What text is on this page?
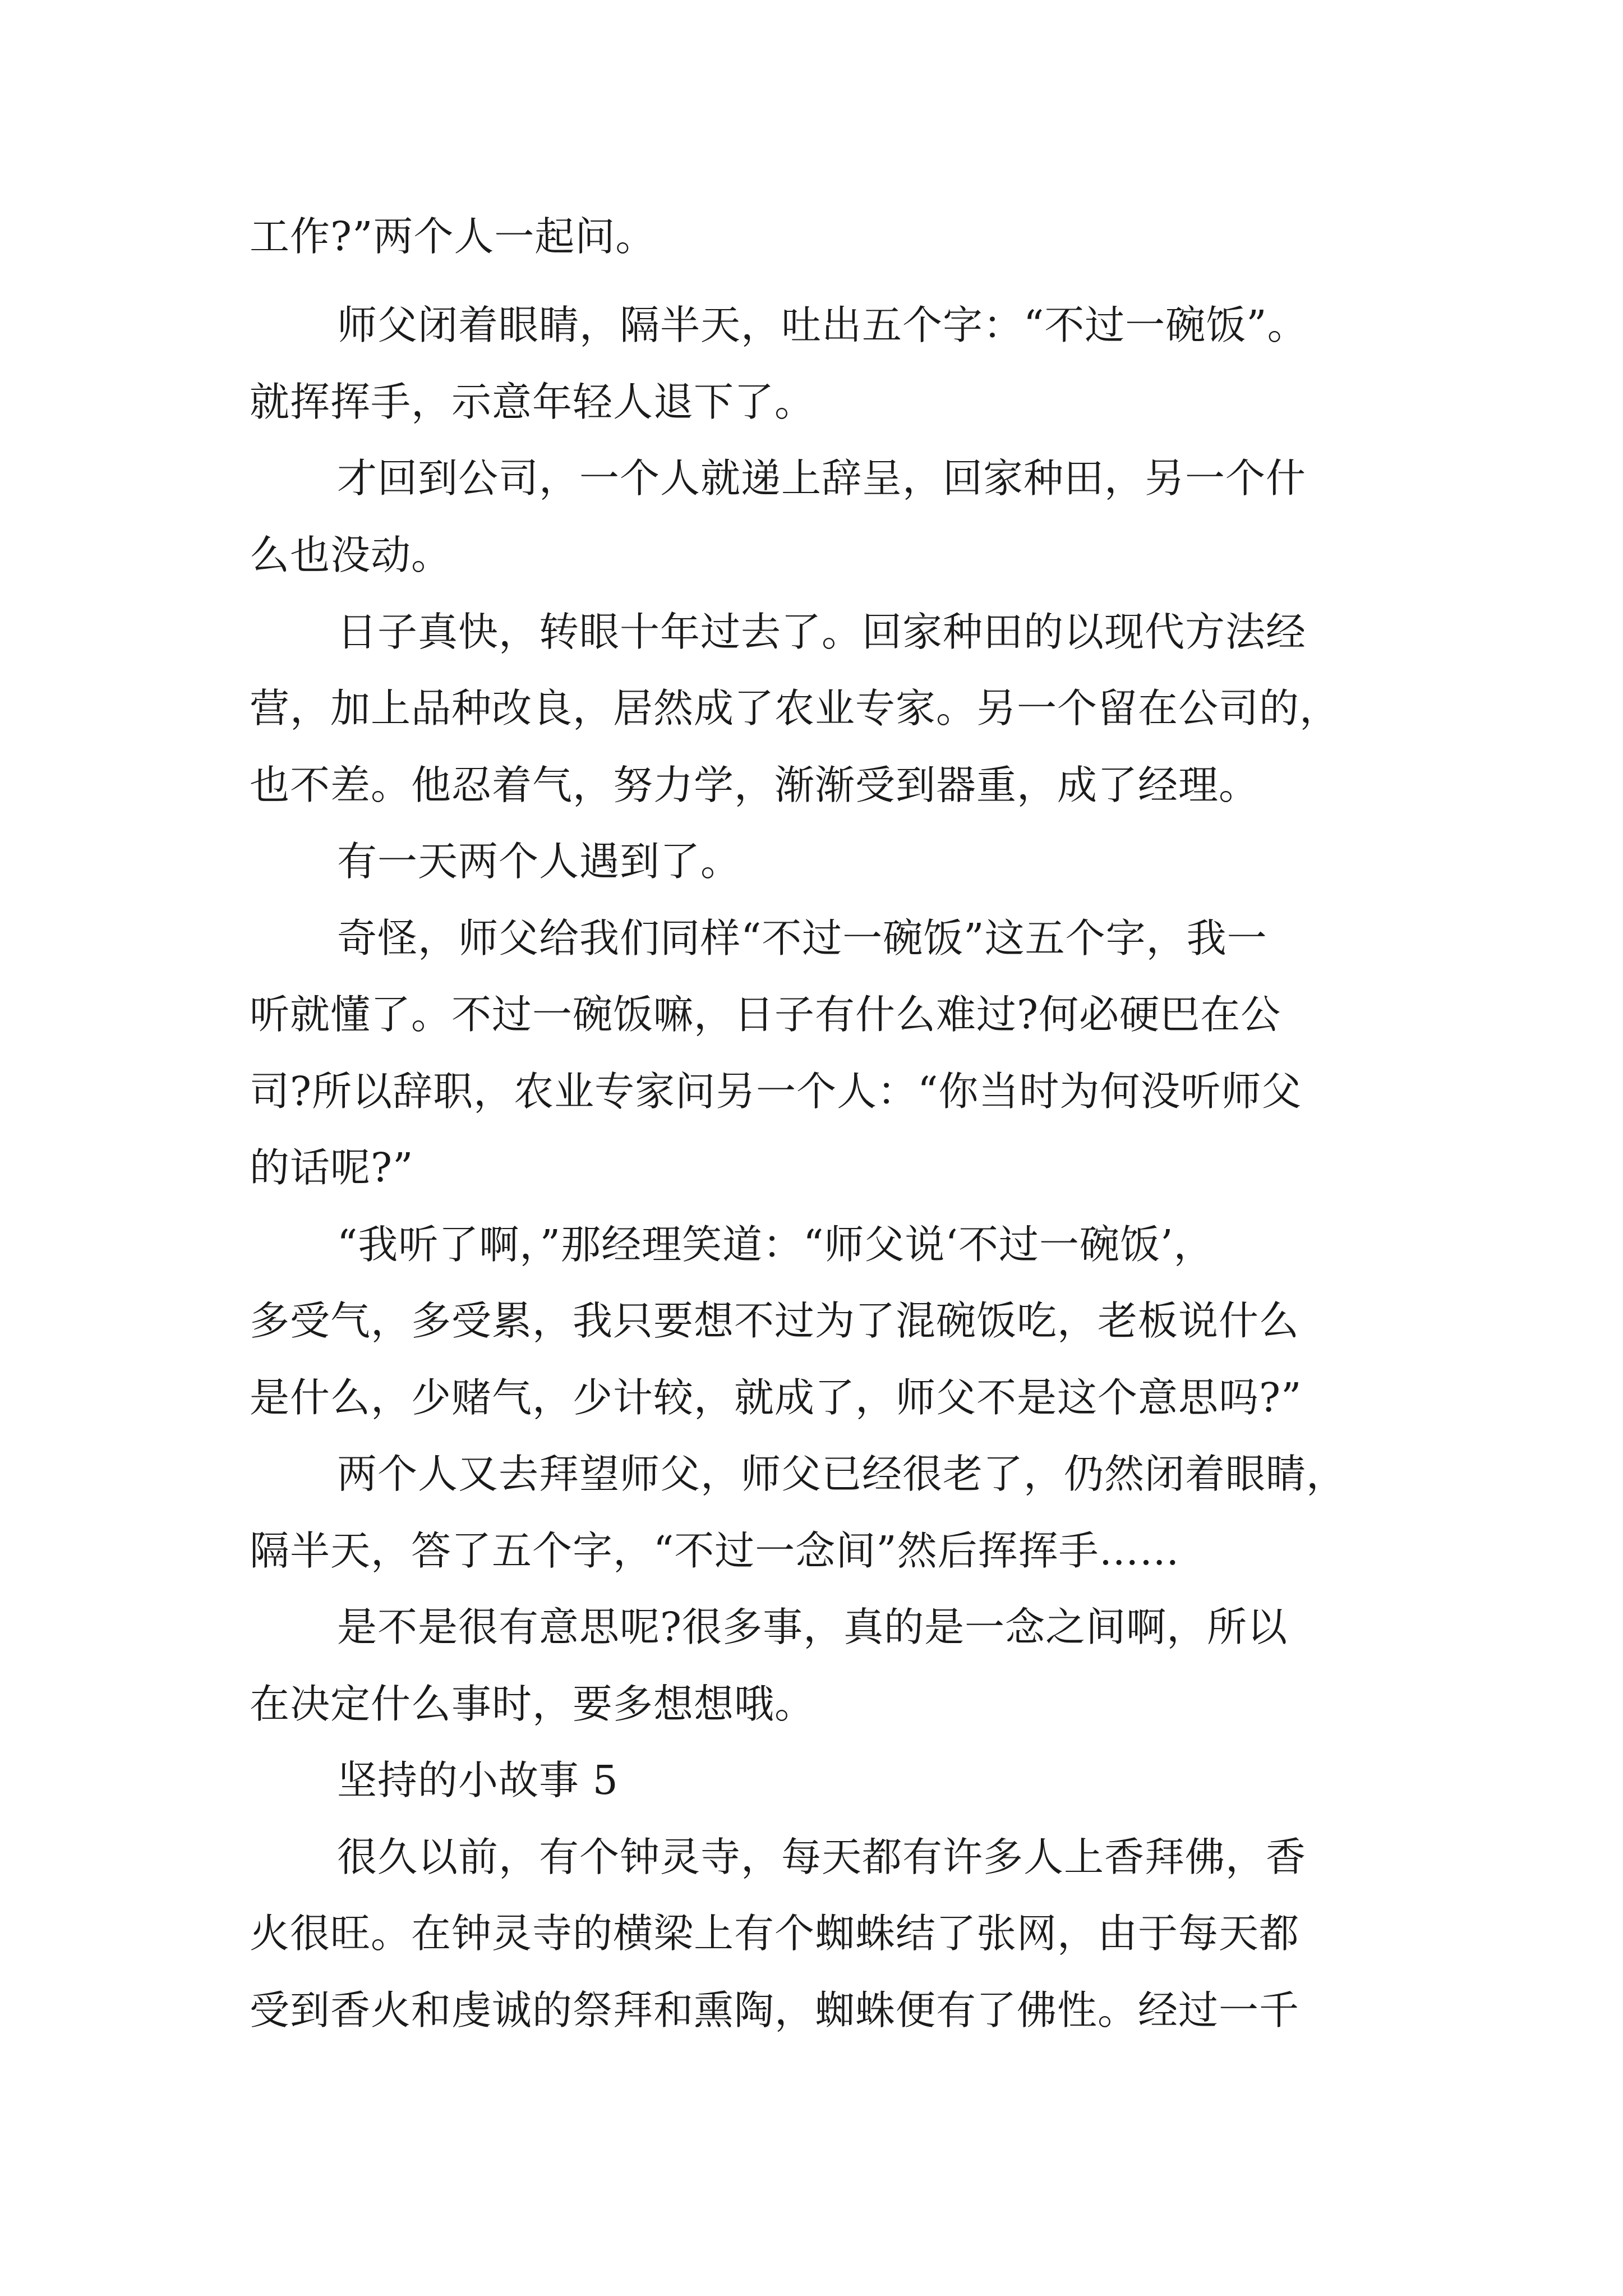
工作?”两个人一起问。
师父闭着眼睛，隔半天，吐出五个字：“不过一碗饭”。
就挥挥手，示意年轻人退下了。
才回到公司，一个人就递上辞呈，回家种田，另一个什
么也没动。
日子真快，转眼十年过去了。回家种田的以现代方法经
营，加上品种改良，居然成了农业专家。另一个留在公司的，
也不差。他忍着气，努力学，渐渐受到器重，成了经理。
有一天两个人遇到了。
奇怪，师父给我们同样“不过一碗饭”这五个字，我一
听就懂了。不过一碗饭嘛，日子有什么难过?何必硬巴在公
司?所以辞职，农业专家问另一个人：“你当时为何没听师父
的话呢?”
“我听了啊，”那经理笑道：“师父说‘不过一碗饭’，
多受气，多受累，我只要想不过为了混碗饭吃，老板说什么
是什么，少赌气，少计较，就成了，师父不是这个意思吗?”
两个人又去拜望师父，师父已经很老了，仍然闭着眼睛，
隔半天，答了五个字，“不过一念间”然后挥挥手……
是不是很有意思呢?很多事，真的是一念之间啊，所以
在决定什么事时，要多想想哦。
坚持的小故事 5
很久以前，有个钟灵寺，每天都有许多人上香拜佛，香
火很旺。在钟灵寺的横梁上有个蜘蛛结了张网，由于每天都
受到香火和虔诚的祭拜和熏陶，蜘蛛便有了佛性。经过一千
